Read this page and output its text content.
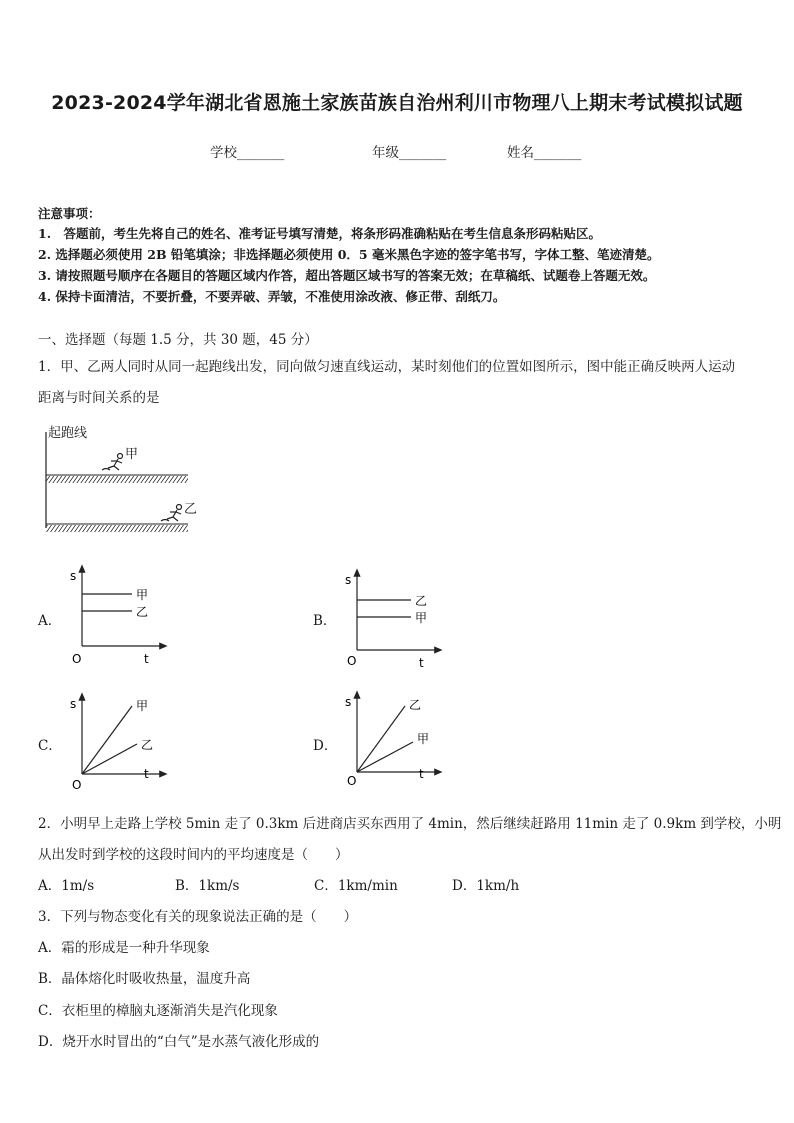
2023-2024学年湖北省恩施土家族苗族自治州利川市物理八上期末考试模拟试题
学校_______	年级_______	姓名_______
注意事项：
1.　答题前，考生先将自己的姓名、准考证号填写清楚，将条形码准确粘贴在考生信息条形码粘贴区。
2. 选择题必须使用 2B 铅笔填涂；非选择题必须使用 0．5 毫米黑色字迹的签字笔书写，字体工整、笔迹清楚。
3. 请按照题号顺序在各题目的答题区域内作答，超出答题区域书写的答案无效；在草稿纸、试题卷上答题无效。
4. 保持卡面清洁，不要折叠，不要弄破、弄皱，不准使用涂改液、修正带、刮纸刀。
一、选择题（每题 1.5 分，共 30 题，45 分）
1．甲、乙两人同时从同一起跑线出发，同向做匀速直线运动，某时刻他们的位置如图所示，图中能正确反映两人运动
距离与时间关系的是
起跑线
甲
乙
A．
s
t
O
甲
乙
B．
s
t
O
乙
甲
C．
s
t
O
甲
乙	D．
s
t
O
乙
甲
2．小明早上走路上学校 5min 走了 0.3km 后进商店买东西用了 4min，然后继续赶路用 11min 走了 0.9km 到学校，小明
从出发时到学校的这段时间内的平均速度是（　　）
A．1m/s	B．1km/s	C．1km/min	D．1km/h
3．下列与物态变化有关的现象说法正确的是（　　）
A．霜的形成是一种升华现象
B．晶体熔化时吸收热量，温度升高
C．衣柜里的樟脑丸逐渐消失是汽化现象
D．烧开水时冒出的“白气”是水蒸气液化形成的
